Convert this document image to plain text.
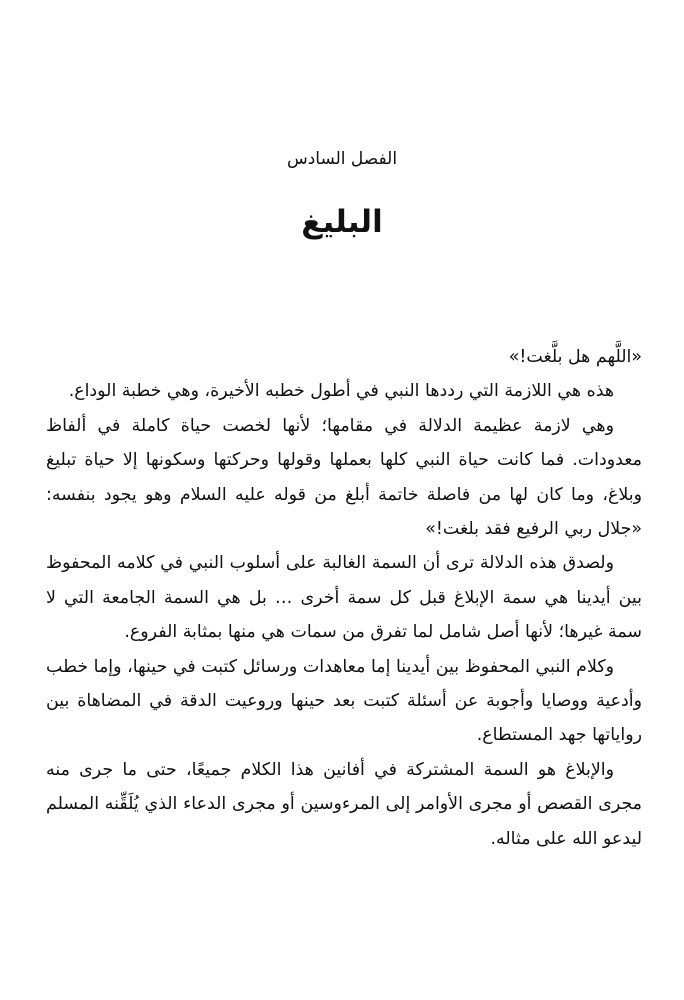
الفصل السادس
البليغ

«اللَّهم هل بلَّغت!»

هذه هي اللازمة التي رددها النبي في أطول خطبه الأخيرة، وهي خطبة الوداع.

وهي لازمة عظيمة الدلالة في مقامها؛ لأنها لخصت حياة كاملة في ألفاظ معدودات. فما كانت حياة النبي كلها بعملها وقولها وحركتها وسكونها إلا حياة تبليغ وبلاغ، وما كان لها من فاصلة خاتمة أبلغ من قوله عليه السلام وهو يجود بنفسه: «جلال ربي الرفيع فقد بلغت!»

ولصدق هذه الدلالة ترى أن السمة الغالبة على أسلوب النبي في كلامه المحفوظ بين أيدينا هي سمة الإبلاغ قبل كل سمة أخرى … بل هي السمة الجامعة التي لا سمة غيرها؛ لأنها أصل شامل لما تفرق من سمات هي منها بمثابة الفروع.

وكلام النبي المحفوظ بين أيدينا إما معاهدات ورسائل كتبت في حينها، وإما خطب وأدعية ووصايا وأجوبة عن أسئلة كتبت بعد حينها وروعيت الدقة في المضاهاة بين رواياتها جهد المستطاع.

والإبلاغ هو السمة المشتركة في أفانين هذا الكلام جميعًا، حتى ما جرى منه مجرى القصص أو مجرى الأوامر إلى المرءوسين أو مجرى الدعاء الذي يُلَقِّنه المسلم ليدعو الله على مثاله.
